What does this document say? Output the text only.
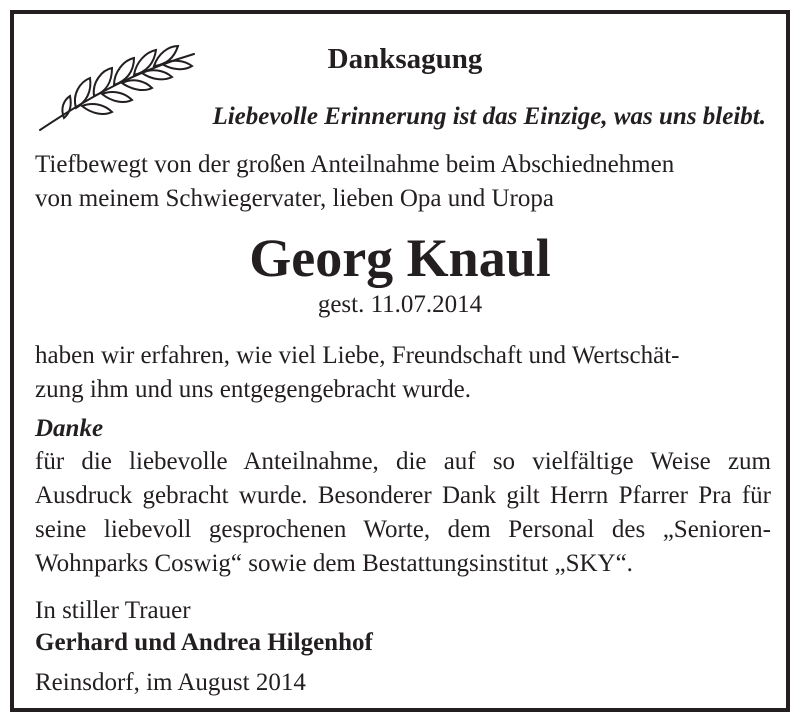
Danksagung

Liebevolle Erinnerung ist das Einzige, was uns bleibt.

Tiefbewegt von der großen Anteilnahme beim Abschiednehmen

von meinem Schwiegervater, lieben Opa und Uropa

Georg Knaul

gest. 11.07.2014

haben wir erfahren, wie viel Liebe, Freundschaft und Wertschät-

zung ihm und uns entgegengebracht wurde.

Danke

für die liebevolle Anteilnahme, die auf so vielfältige Weise zum Ausdruck gebracht wurde. Besonderer Dank gilt Herrn Pfarrer Pra für seine liebevoll gesprochenen Worte, dem Personal des „Senioren-Wohnparks Coswig“ sowie dem Bestattungsinstitut „SKY“.

In stiller Trauer

Gerhard und Andrea Hilgenhof

Reinsdorf, im August 2014
